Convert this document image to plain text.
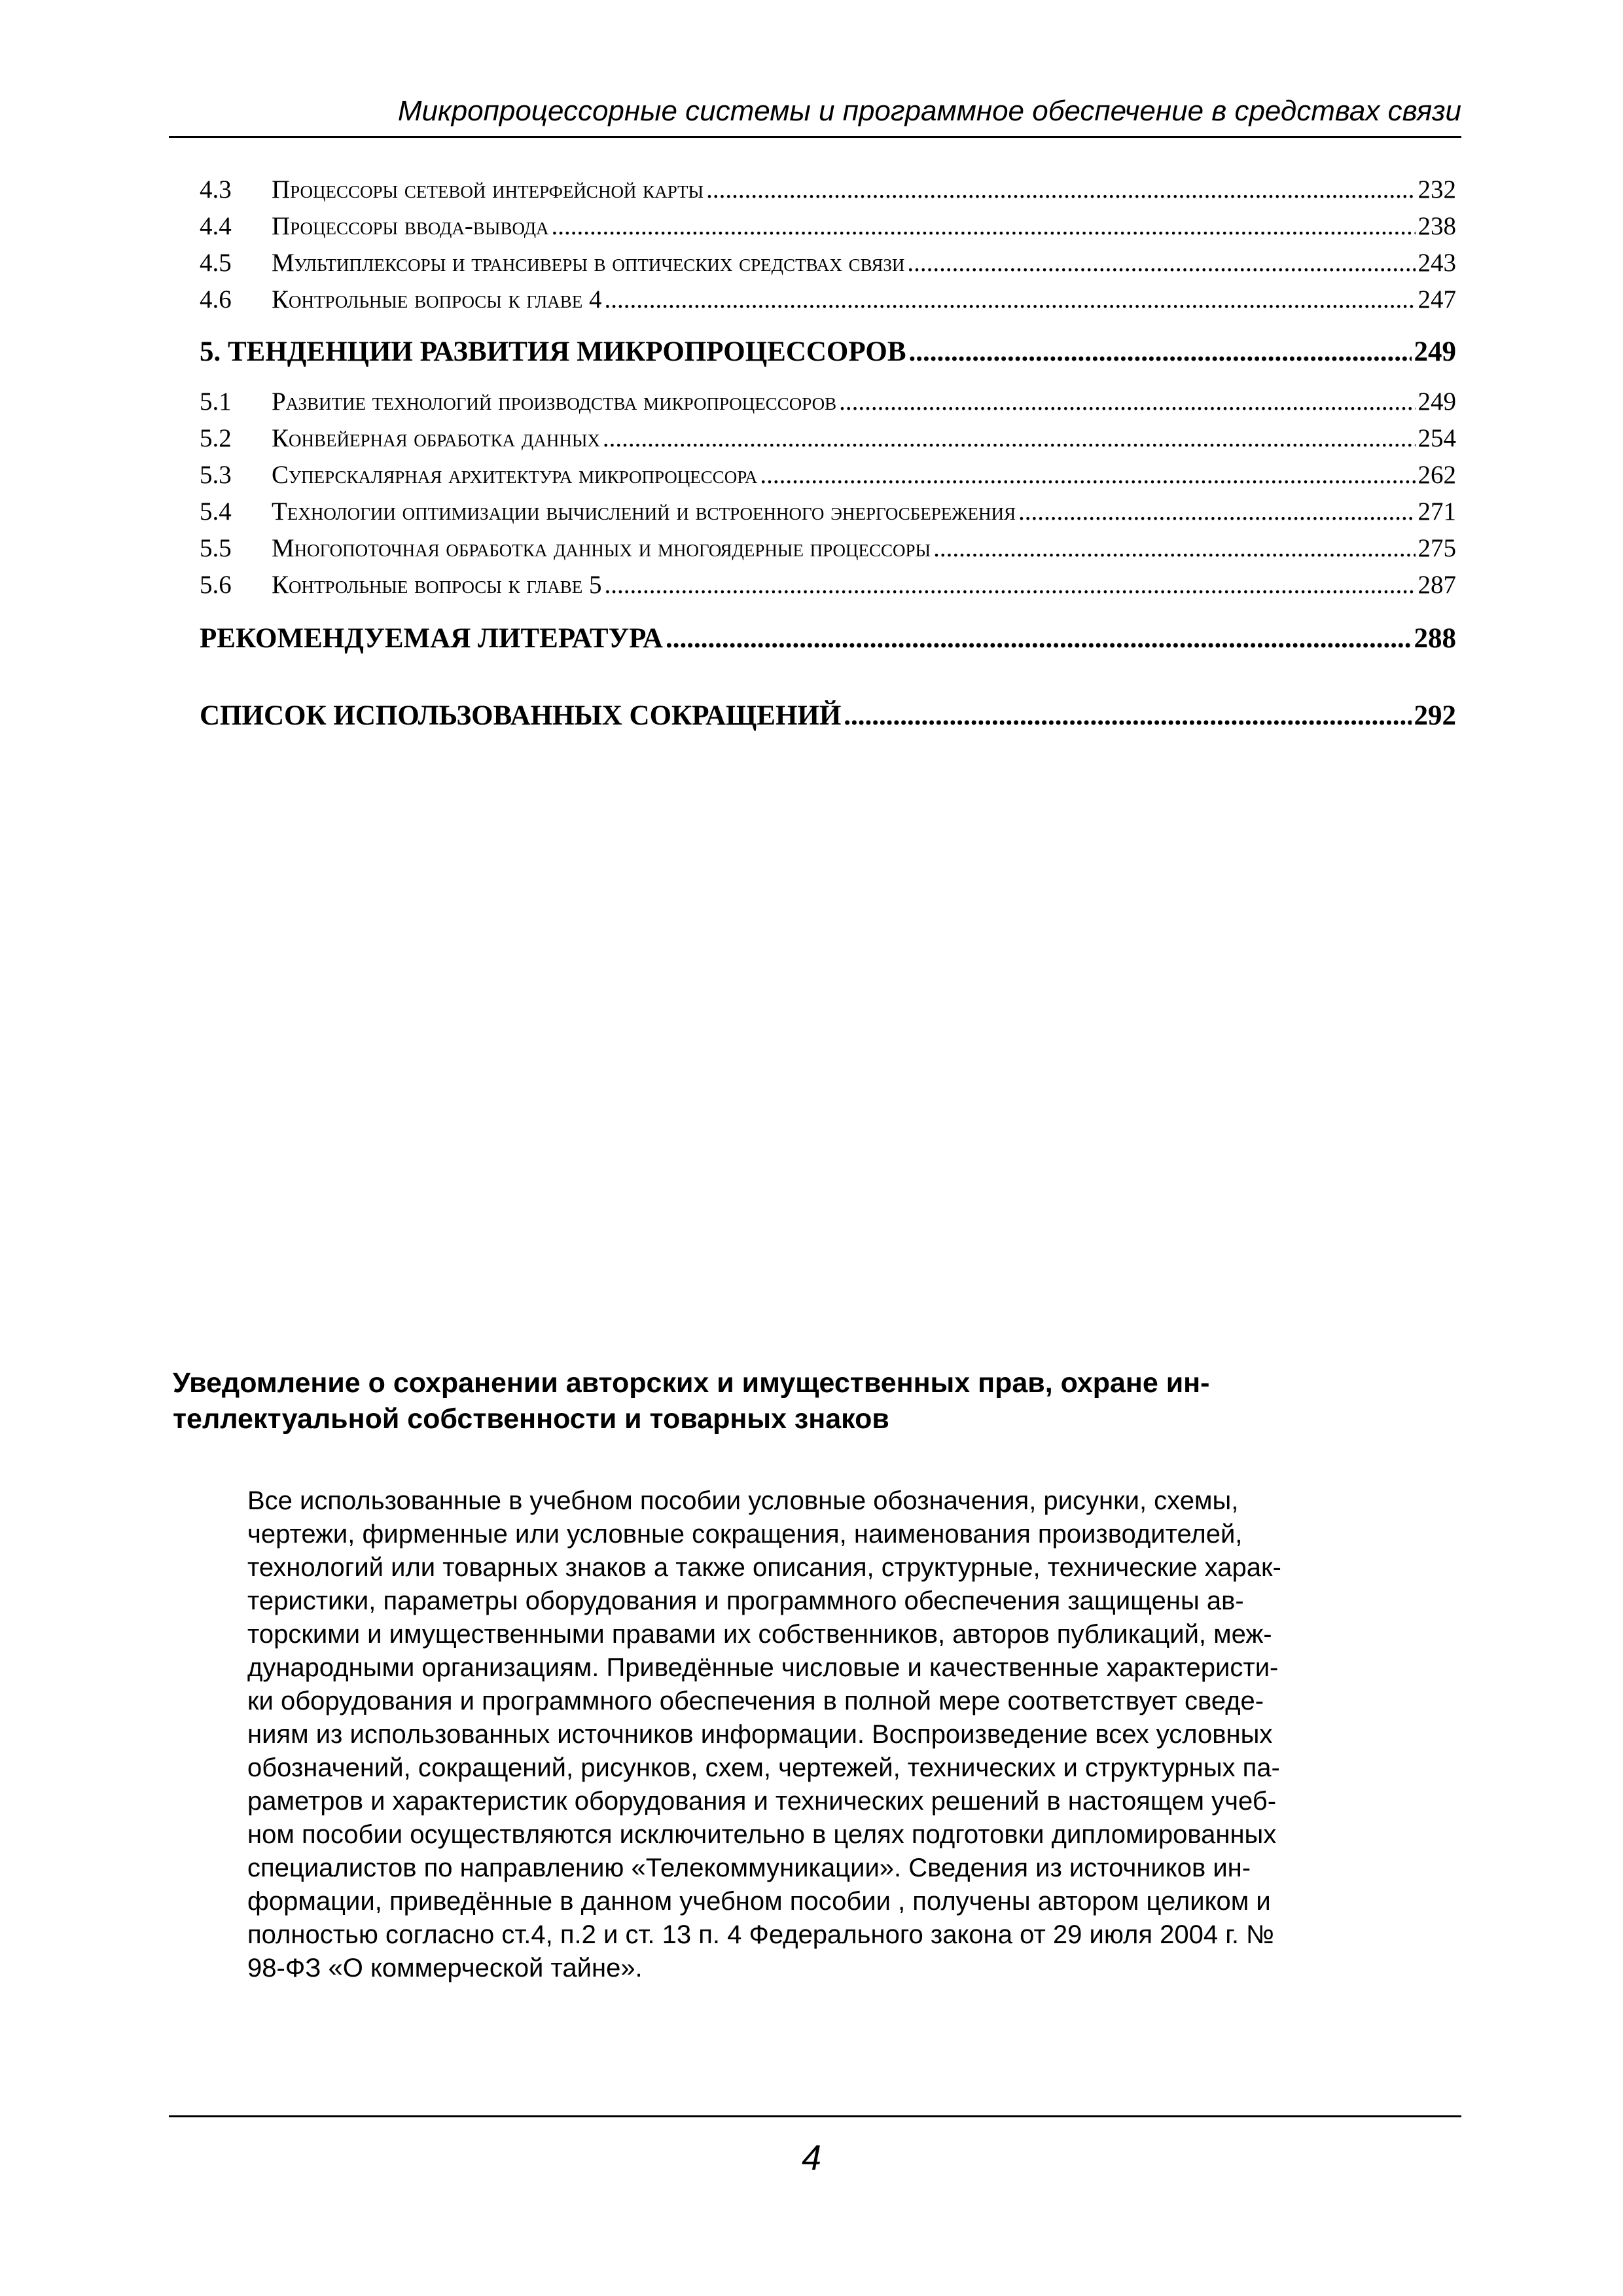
Микропроцессорные системы и программное обеспечение в средствах связи
4.3	Процессоры сетевой интерфейсной карты .....	232
4.4	Процессоры ввода-вывода .....	238
4.5	Мультиплексоры и трансиверы в оптических средствах связи .....	243
4.6	Контрольные вопросы к главе 4 .....	247
5. ТЕНДЕНЦИИ РАЗВИТИЯ МИКРОПРОЦЕССОРОВ .....	249
5.1	Развитие технологий производства микропроцессоров .....	249
5.2	Конвейерная обработка данных .....	254
5.3	Суперскалярная архитектура микропроцессора .....	262
5.4	Технологии оптимизации вычислений и встроенного энергосбережения .....	271
5.5	Многопоточная обработка данных и многоядерные процессоры .....	275
5.6	Контрольные вопросы к главе 5 .....	287
РЕКОМЕНДУЕМАЯ ЛИТЕРАТУРА .....	288
СПИСОК ИСПОЛЬЗОВАННЫХ СОКРАЩЕНИЙ .....	292
Уведомление о сохранении авторских и имущественных прав, охране ин-
теллектуальной собственности и товарных знаков
Все использованные в учебном пособии условные обозначения, рисунки, схемы,
чертежи, фирменные или условные сокращения, наименования производителей,
технологий или товарных знаков а также описания, структурные, технические харак-
теристики, параметры оборудования и программного обеспечения защищены ав-
торскими и имущественными правами их собственников, авторов публикаций, меж-
дународными организациям. Приведённые числовые и качественные характеристи-
ки оборудования и программного обеспечения в полной мере соответствует сведе-
ниям из использованных источников информации. Воспроизведение всех условных
обозначений, сокращений, рисунков, схем, чертежей, технических и структурных па-
раметров и характеристик оборудования и технических решений в настоящем учеб-
ном пособии осуществляются исключительно в целях подготовки дипломированных
специалистов по направлению «Телекоммуникации». Сведения из источников ин-
формации, приведённые в данном учебном пособии , получены автором целиком и
полностью согласно ст.4, п.2 и ст. 13 п. 4 Федерального закона от 29 июля 2004 г. №
98-ФЗ «О коммерческой тайне».
4
